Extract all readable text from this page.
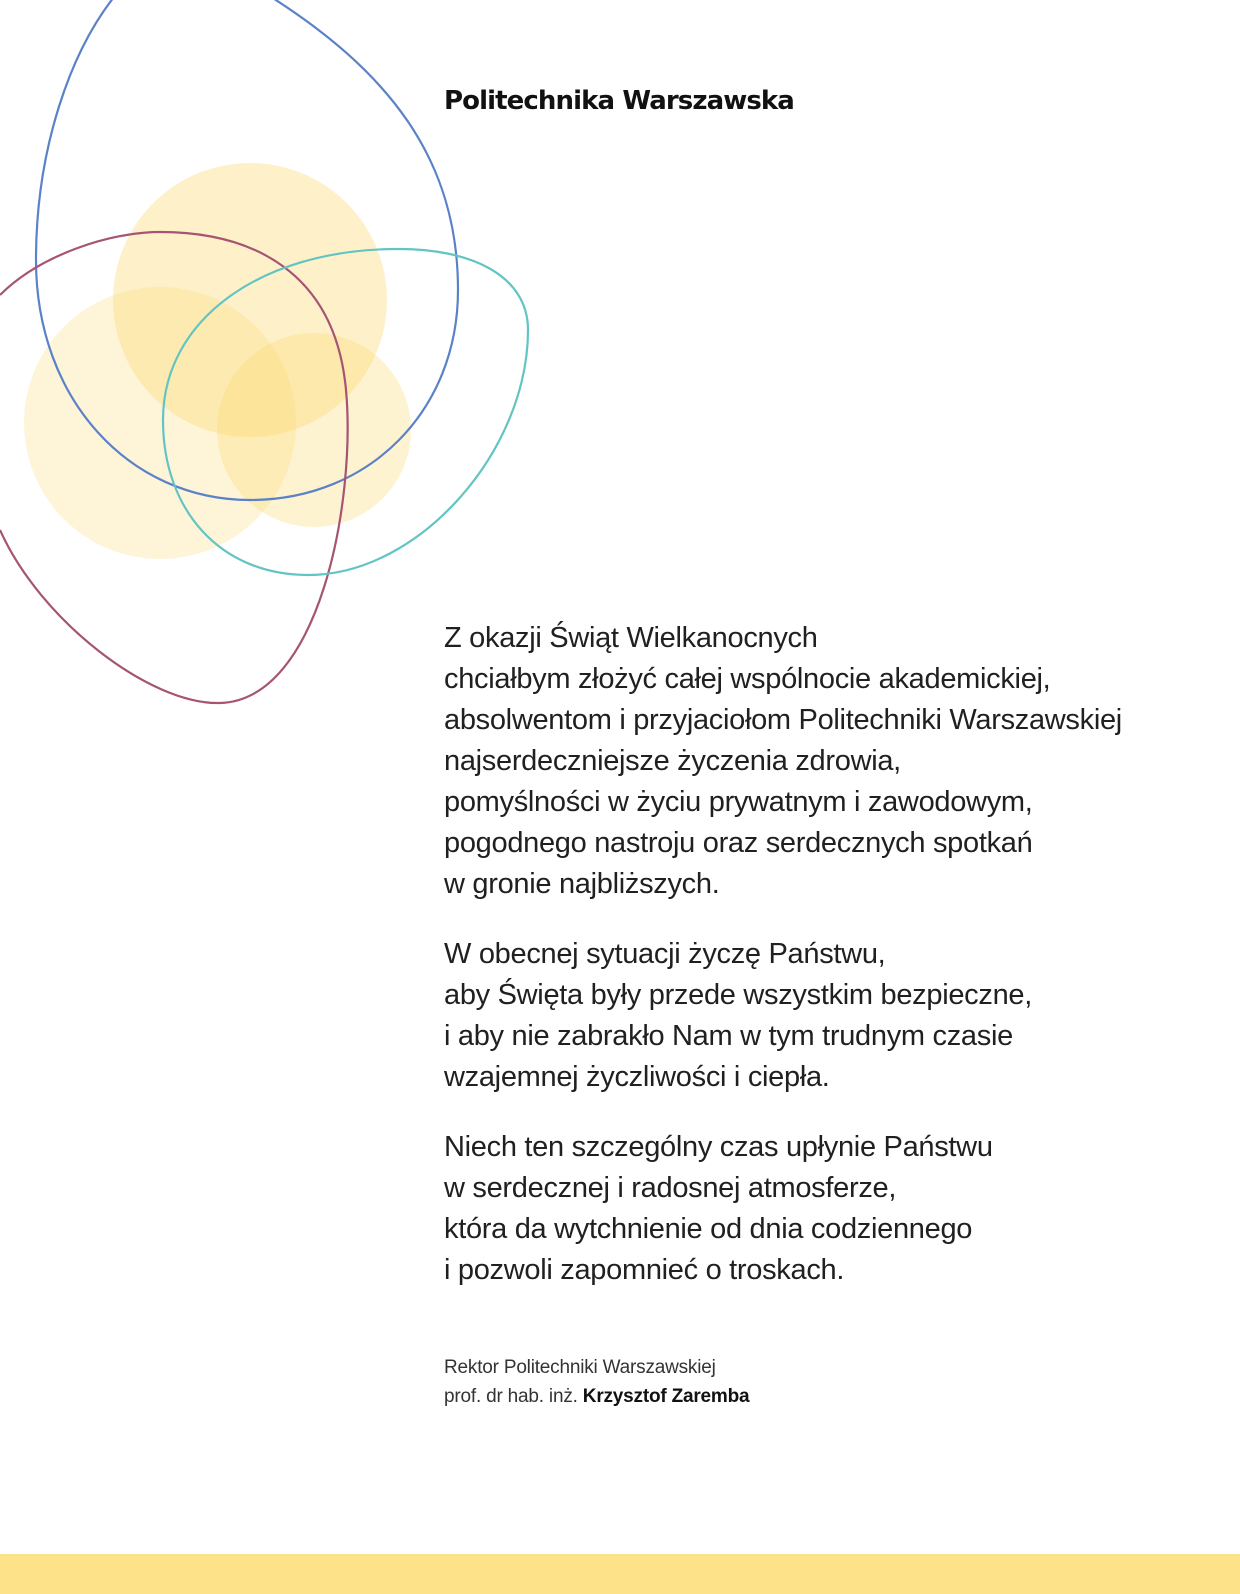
Politechnika Warszawska

Z okazji Świąt Wielkanocnych
chciałbym złożyć całej wspólnocie akademickiej,
absolwentom i przyjaciołom Politechniki Warszawskiej
najserdeczniejsze życzenia zdrowia,
pomyślności w życiu prywatnym i zawodowym,
pogodnego nastroju oraz serdecznych spotkań
w gronie najbliższych.

W obecnej sytuacji życzę Państwu,
aby Święta były przede wszystkim bezpieczne,
i aby nie zabrakło Nam w tym trudnym czasie
wzajemnej życzliwości i ciepła.

Niech ten szczególny czas upłynie Państwu
w serdecznej i radosnej atmosferze,
która da wytchnienie od dnia codziennego
i pozwoli zapomnieć o troskach.

Rektor Politechniki Warszawskiej
prof. dr hab. inż. Krzysztof Zaremba
